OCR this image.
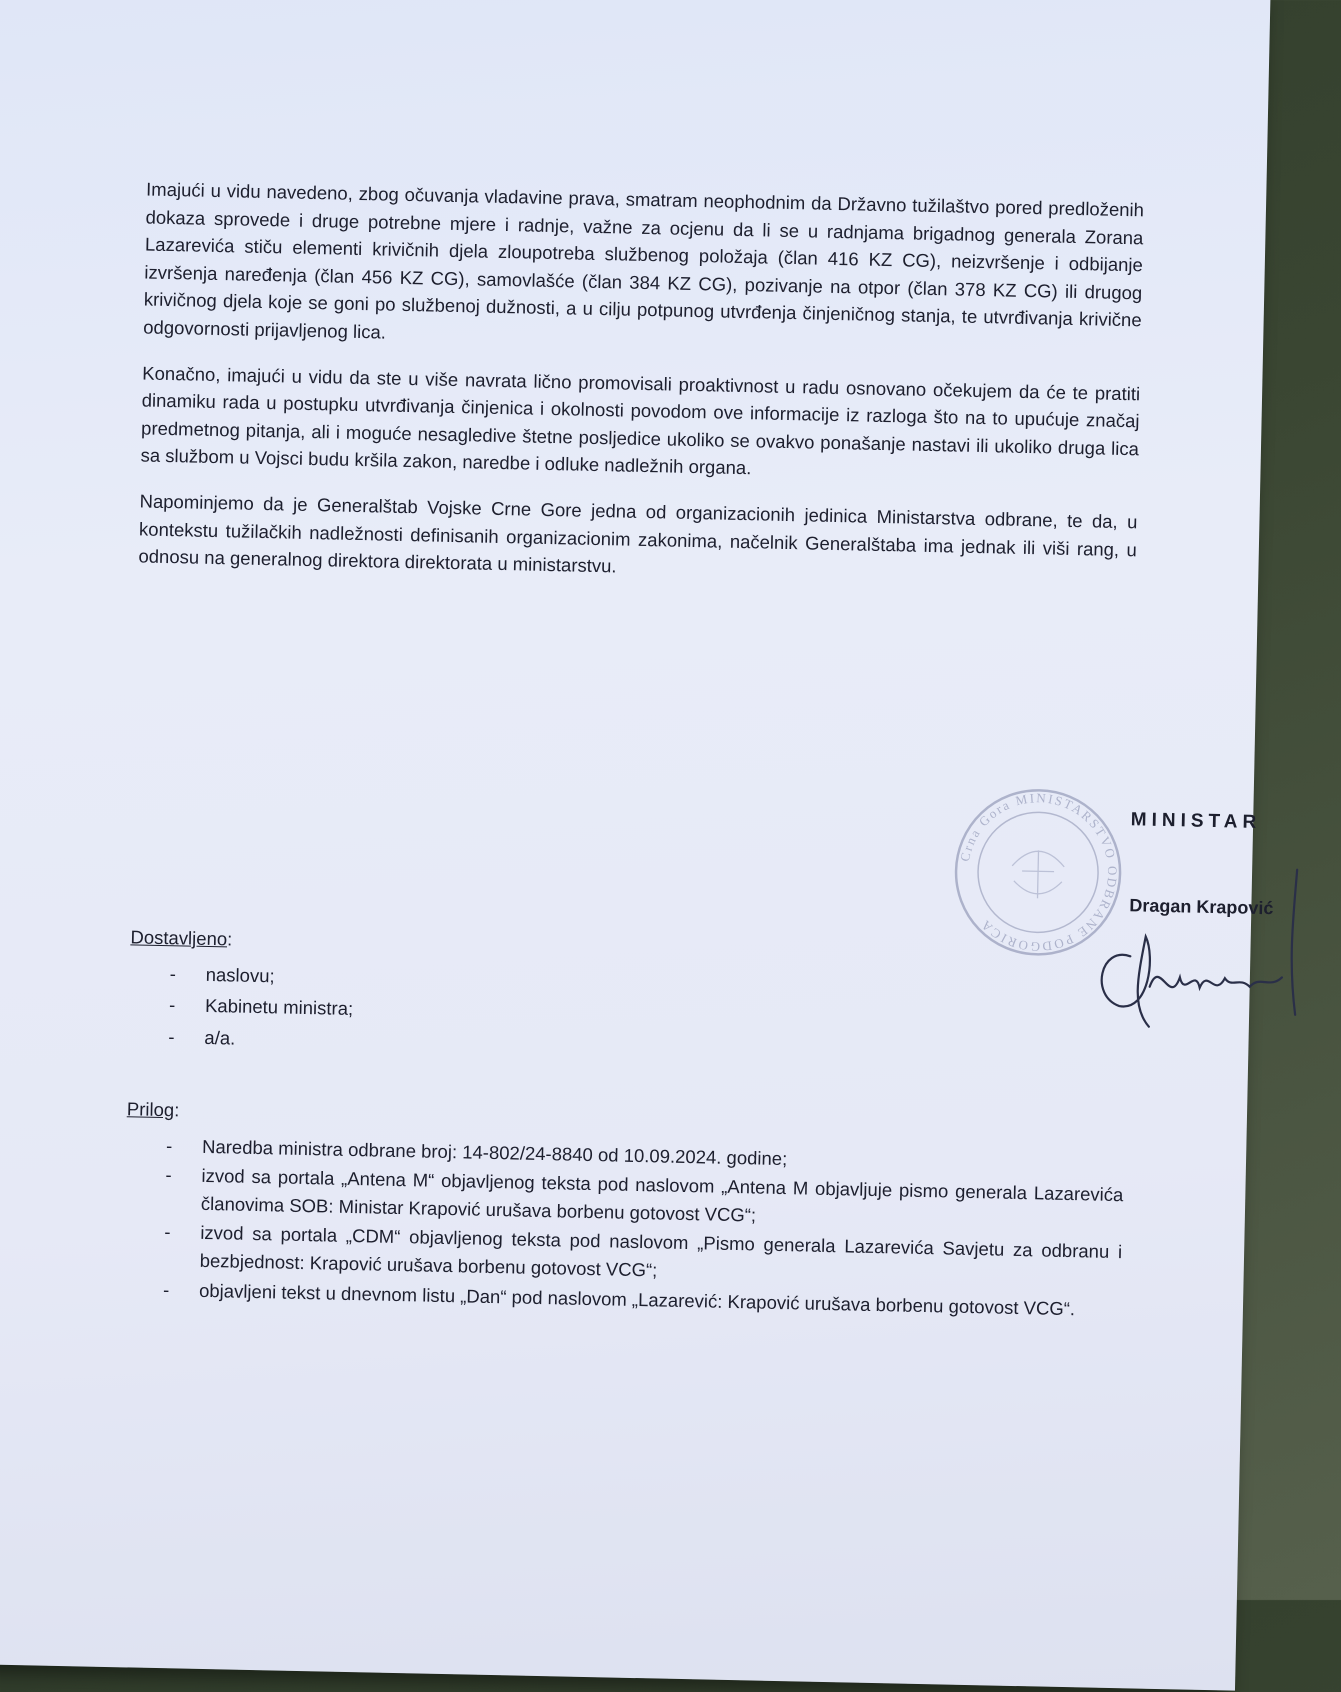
Imajući u vidu navedeno, zbog očuvanja vladavine prava, smatram neophodnim da Državno tužilaštvo pored predloženih dokaza sprovede i druge potrebne mjere i radnje, važne za ocjenu da li se u radnjama brigadnog generala Zorana Lazarevića stiču elementi krivičnih djela zloupotreba službenog položaja (član 416 KZ CG), neizvršenje i odbijanje izvršenja naređenja (član 456 KZ CG), samovlašće (član 384 KZ CG), pozivanje na otpor (član 378 KZ CG) ili drugog krivičnog djela koje se goni po službenoj dužnosti, a u cilju potpunog utvrđenja činjeničnog stanja, te utvrđivanja krivične odgovornosti prijavljenog lica.

Konačno, imajući u vidu da ste u više navrata lično promovisali proaktivnost u radu osnovano očekujem da će te pratiti dinamiku rada u postupku utvrđivanja činjenica i okolnosti povodom ove informacije iz razloga što na to upućuje značaj predmetnog pitanja, ali i moguće nesagledive štetne posljedice ukoliko se ovakvo ponašanje nastavi ili ukoliko druga lica sa službom u Vojsci budu kršila zakon, naredbe i odluke nadležnih organa.

Napominjemo da je Generalštab Vojske Crne Gore jedna od organizacionih jedinica Ministarstva odbrane, te da, u kontekstu tužilačkih nadležnosti definisanih organizacionim zakonima, načelnik Generalštaba ima jednak ili viši rang, u odnosu na generalnog direktora direktorata u ministarstvu.

Crna Gora MINISTARSTVO ODBRANE PODGORICA
MINISTAR
Dragan Krapović
Dostavljeno:
- naslovu;
- Kabinetu ministra;
- a/a.
Prilog:
- Naredba ministra odbrane broj: 14-802/24-8840 od 10.09.2024. godine;
- izvod sa portala „Antena M“ objavljenog teksta pod naslovom „Antena M objavljuje pismo generala Lazarevića članovima SOB: Ministar Krapović urušava borbenu gotovost VCG“;
- izvod sa portala „CDM“ objavljenog teksta pod naslovom „Pismo generala Lazarevića Savjetu za odbranu i bezbjednost: Krapović urušava borbenu gotovost VCG“;
- objavljeni tekst u dnevnom listu „Dan“ pod naslovom „Lazarević: Krapović urušava borbenu gotovost VCG“.
